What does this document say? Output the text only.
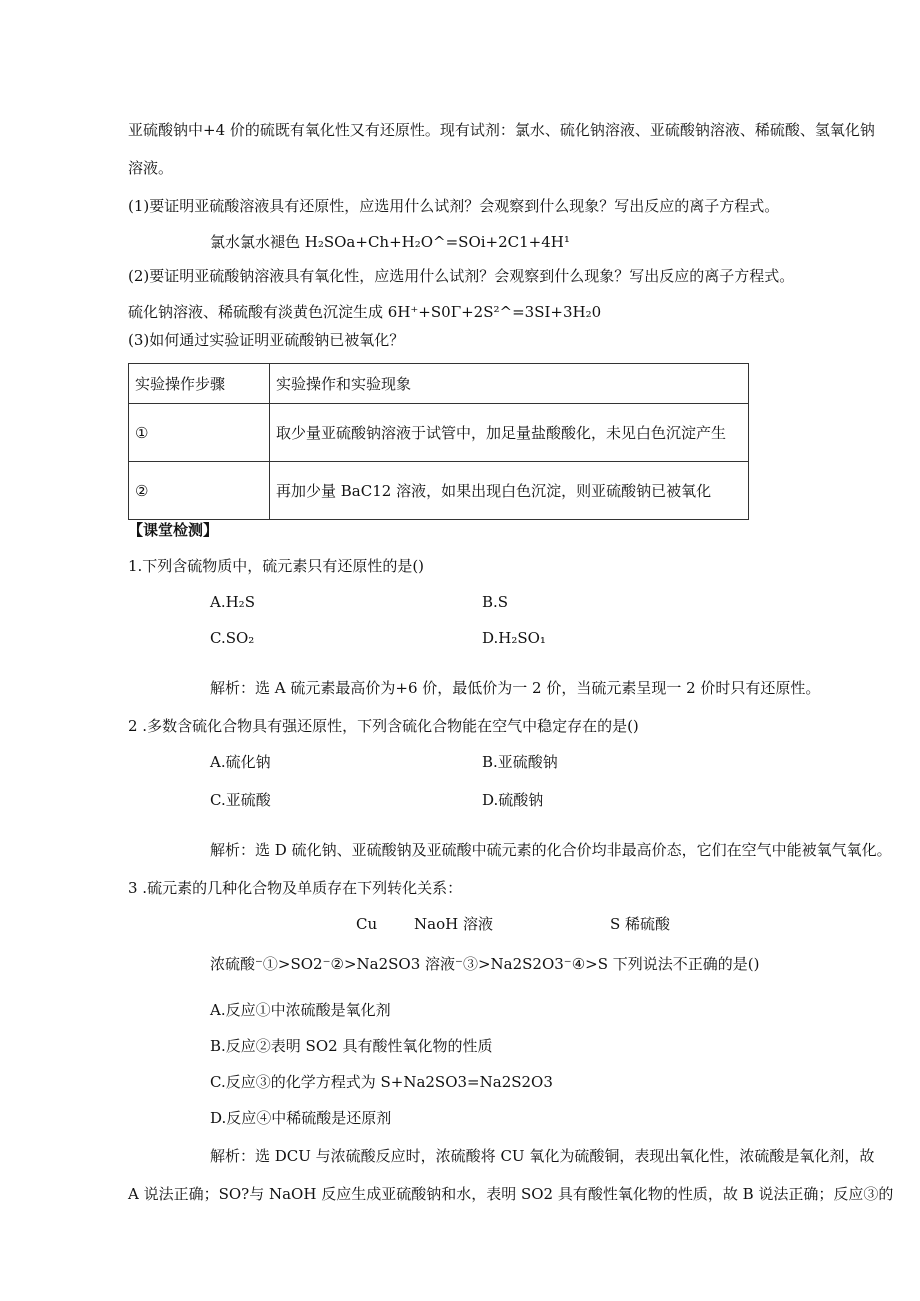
亚硫酸钠中+4 价的硫既有氧化性又有还原性。现有试剂：氯水、硫化钠溶液、亚硫酸钠溶液、稀硫酸、氢氧化钠
溶液。
(1)要证明亚硫酸溶液具有还原性，应选用什么试剂？会观察到什么现象？写出反应的离子方程式。
氯水氯水褪色 H₂SOa+Ch+H₂O^=SOi+2C1+4H¹
(2)要证明亚硫酸钠溶液具有氧化性，应选用什么试剂？会观察到什么现象？写出反应的离子方程式。
硫化钠溶液、稀硫酸有淡黄色沉淀生成 6H⁺+S0Γ+2S²^=3SI+3H₂0
(3)如何通过实验证明亚硫酸钠已被氧化？
实验操作步骤	实验操作和实验现象
①	取少量亚硫酸钠溶液于试管中，加足量盐酸酸化，未见白色沉淀产生
②	再加少量 BaC12 溶液，如果出现白色沉淀，则亚硫酸钠已被氧化
【课堂检测】
1.下列含硫物质中，硫元素只有还原性的是()
A.H₂S	B.S
C.SO₂	D.H₂SO₁
解析：选 A 硫元素最高价为+6 价，最低价为一 2 价，当硫元素呈现一 2 价时只有还原性。
2 .多数含硫化合物具有强还原性，下列含硫化合物能在空气中稳定存在的是()
A.硫化钠	B.亚硫酸钠
C.亚硫酸	D.硫酸钠
解析：选 D 硫化钠、亚硫酸钠及亚硫酸中硫元素的化合价均非最高价态，它们在空气中能被氧气氧化。
3 .硫元素的几种化合物及单质存在下列转化关系：
Cu NaoH 溶液	S 稀硫酸
浓硫酸⁻①>SO2⁻②>Na2SO3 溶液⁻③>Na2S2O3⁻④>S 下列说法不正确的是()
A.反应①中浓硫酸是氧化剂
B.反应②表明 SO2 具有酸性氧化物的性质
C.反应③的化学方程式为 S+Na2SO3=Na2S2O3
D.反应④中稀硫酸是还原剂
解析：选 DCU 与浓硫酸反应时，浓硫酸将 CU 氧化为硫酸铜，表现出氧化性，浓硫酸是氧化剂，故
A 说法正确；SO?与 NaOH 反应生成亚硫酸钠和水，表明 SO2 具有酸性氧化物的性质，故 B 说法正确；反应③的
